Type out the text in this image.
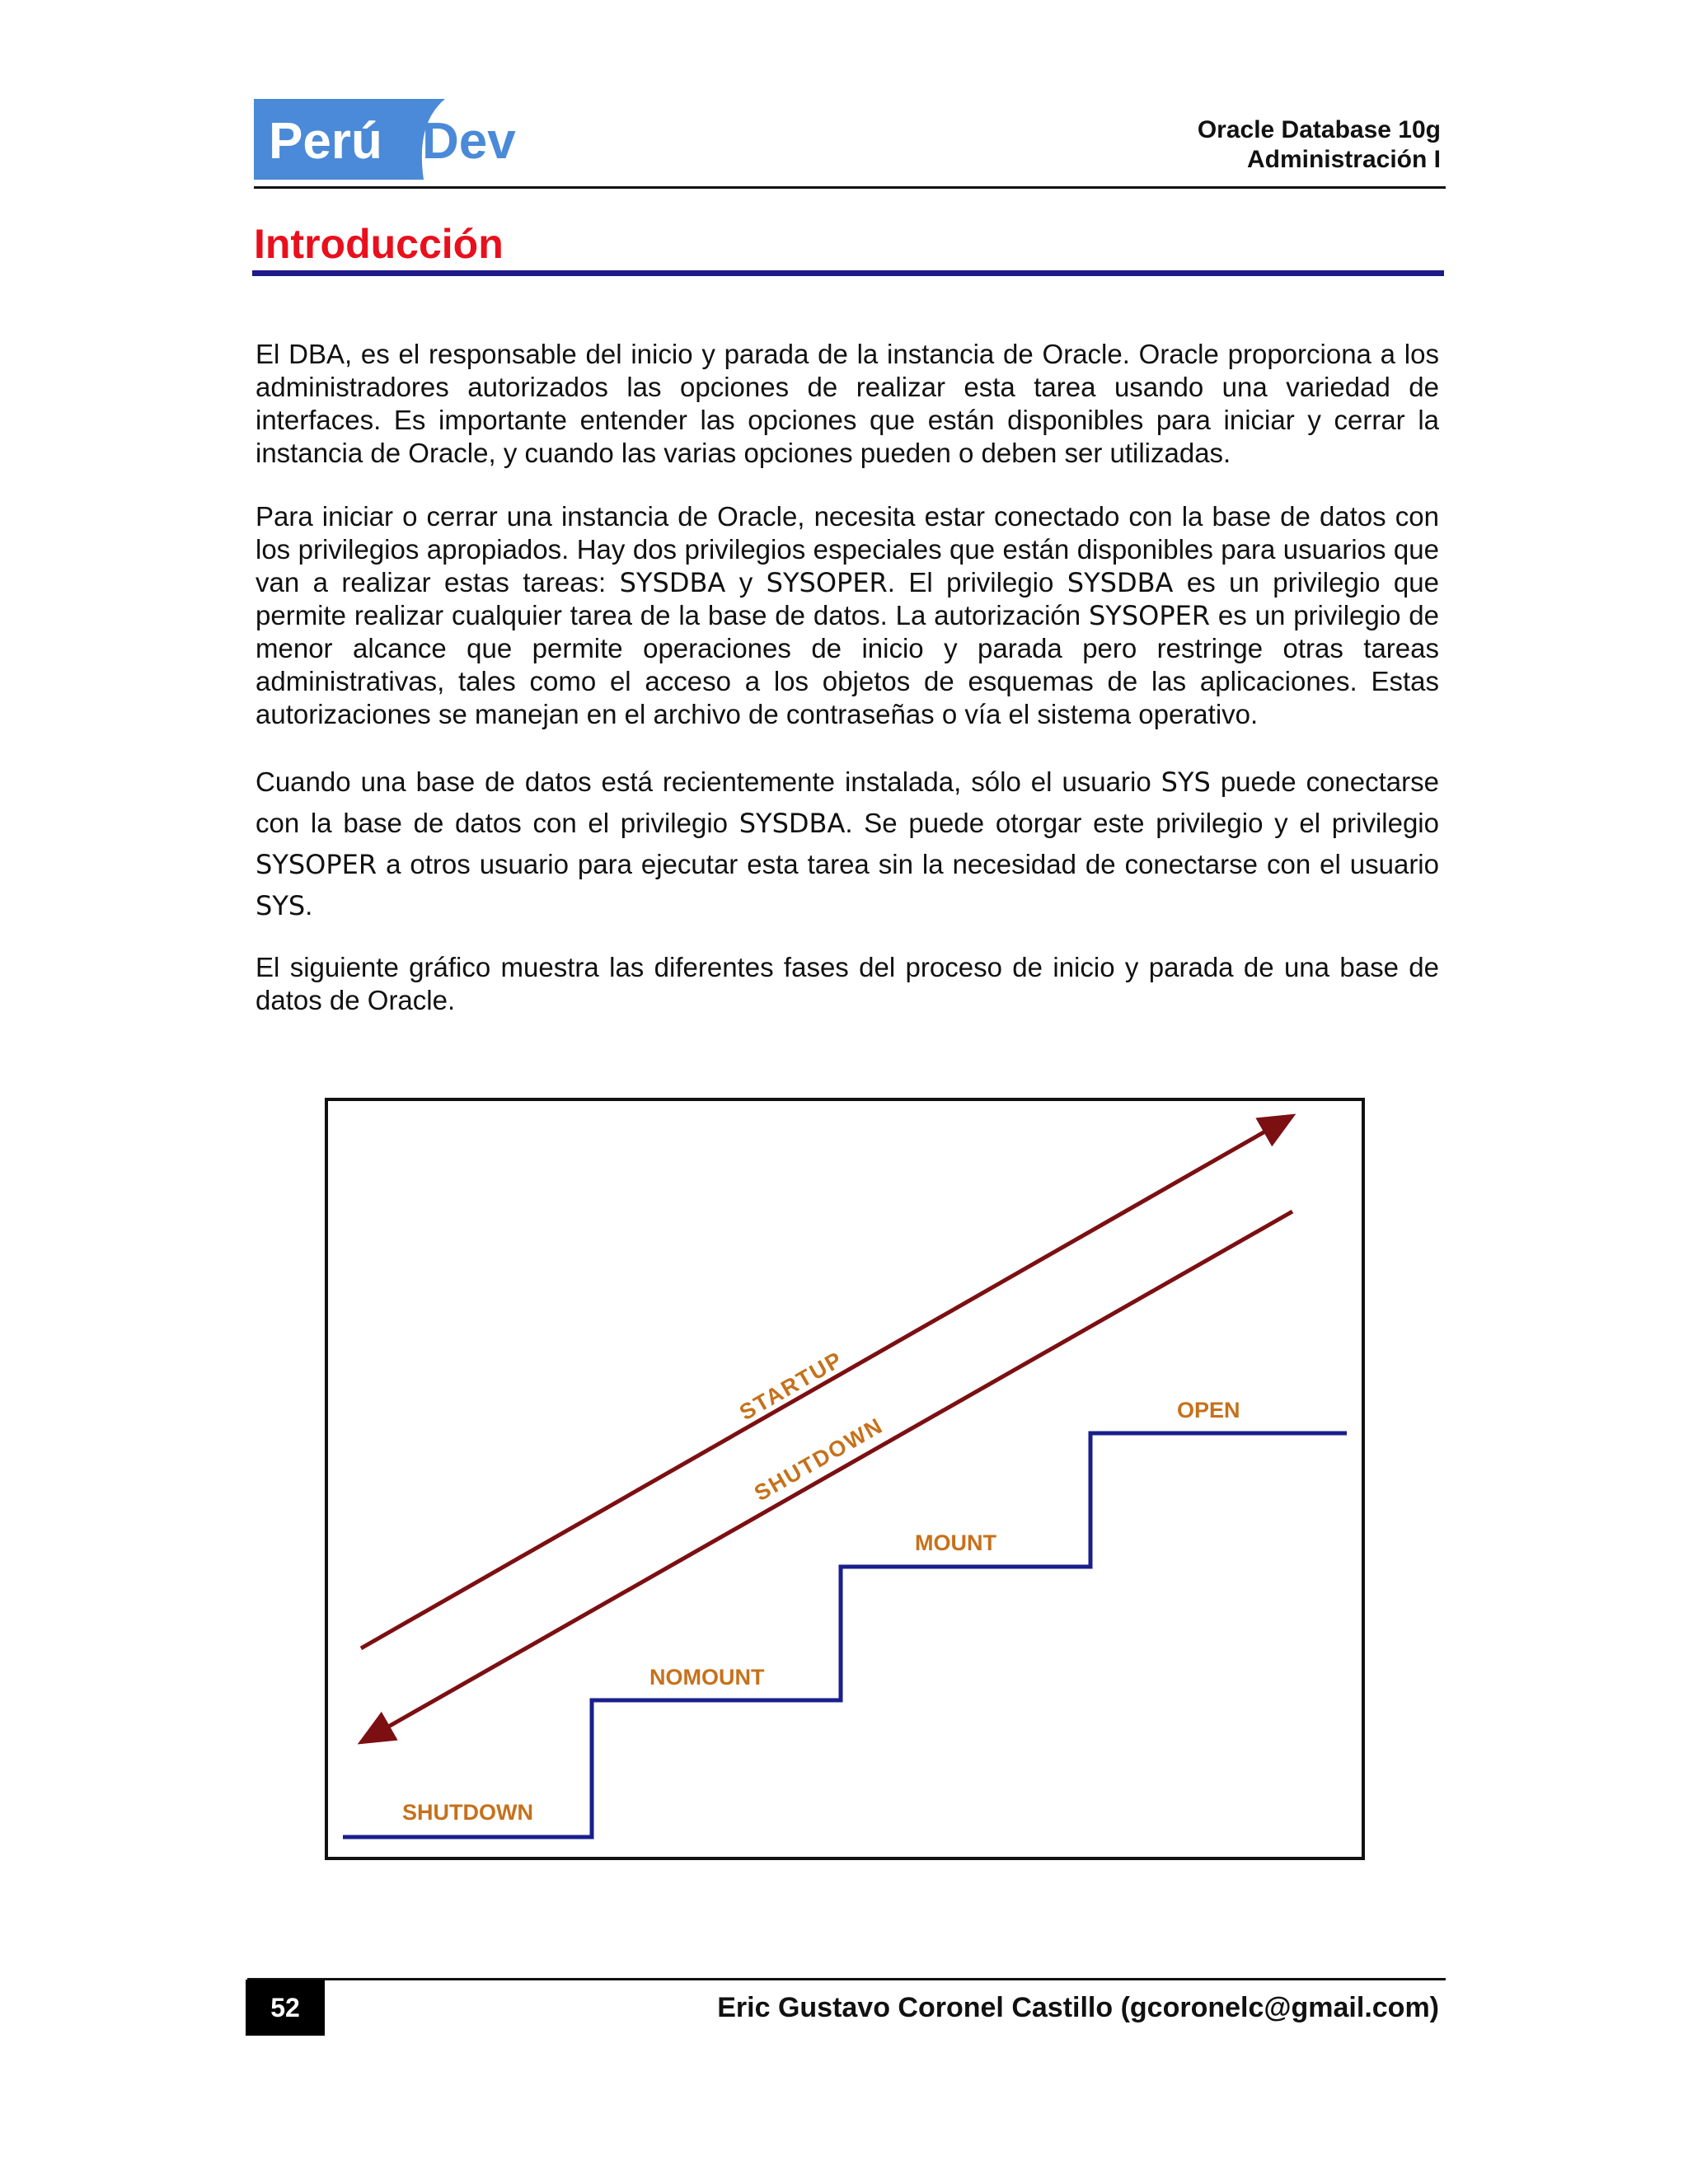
Perú Dev	Oracle Database 10g
Administración I
Introducción

El DBA, es el responsable del inicio y parada de la instancia de Oracle. Oracle proporciona a los administradores autorizados las opciones de realizar esta tarea usando una variedad de interfaces. Es importante entender las opciones que están disponibles para iniciar y cerrar la instancia de Oracle, y cuando las varias opciones pueden o deben ser utilizadas.

Para iniciar o cerrar una instancia de Oracle, necesita estar conectado con la base de datos con los privilegios apropiados. Hay dos privilegios especiales que están disponibles para usuarios que van a realizar estas tareas: SYSDBA y SYSOPER. El privilegio SYSDBA es un privilegio que permite realizar cualquier tarea de la base de datos. La autorización SYSOPER es un privilegio de menor alcance que permite operaciones de inicio y parada pero restringe otras tareas administrativas, tales como el acceso a los objetos de esquemas de las aplicaciones. Estas autorizaciones se manejan en el archivo de contraseñas o vía el sistema operativo.

Cuando una base de datos está recientemente instalada, sólo el usuario SYS puede conectarse con la base de datos con el privilegio SYSDBA. Se puede otorgar este privilegio y el privilegio SYSOPER a otros usuario para ejecutar esta tarea sin la necesidad de conectarse con el usuario SYS.

El siguiente gráfico muestra las diferentes fases del proceso de inicio y parada de una base de datos de Oracle.

STARTUP
SHUTDOWN
SHUTDOWN
NOMOUNT
MOUNT
OPEN
52	Eric Gustavo Coronel Castillo (gcoronelc@gmail.com)
